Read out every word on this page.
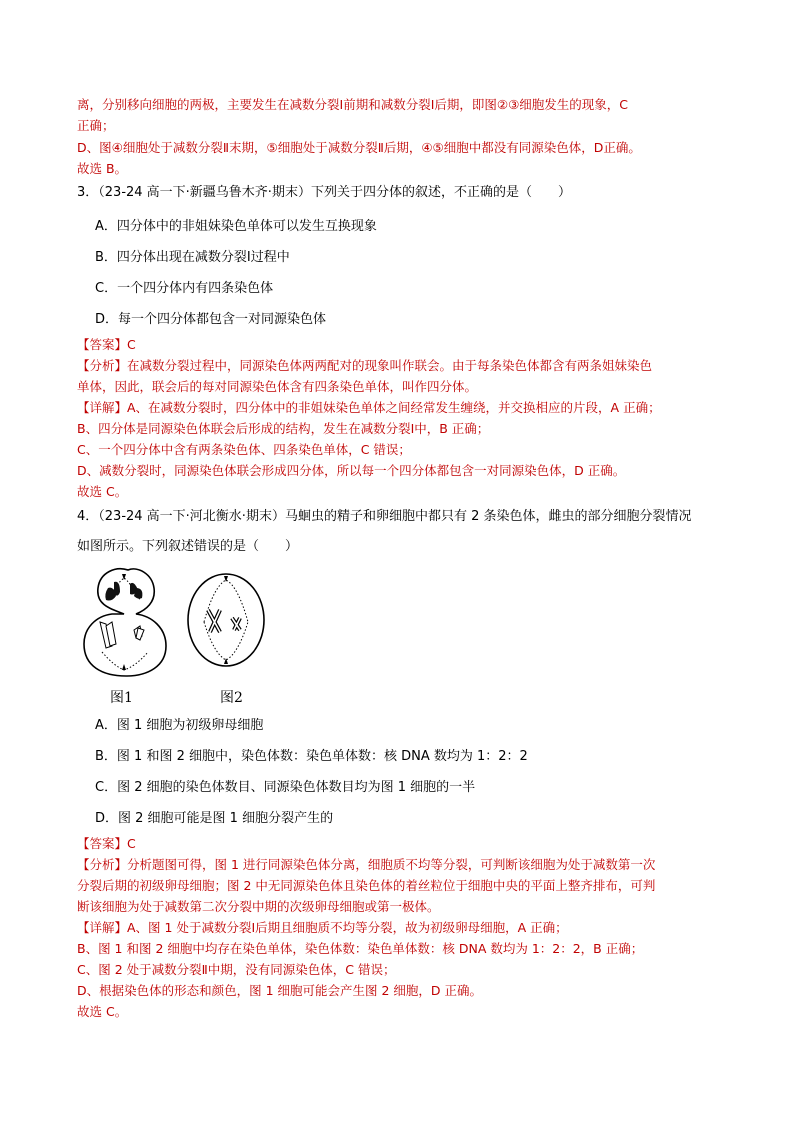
离，分别移向细胞的两极，主要发生在减数分裂Ⅰ前期和减数分裂Ⅰ后期，即图②③细胞发生的现象，C
正确；
D、图④细胞处于减数分裂Ⅱ末期，⑤细胞处于减数分裂Ⅱ后期，④⑤细胞中都没有同源染色体，D正确。
故选 B。
3．（23-24 高一下·新疆乌鲁木齐·期末）下列关于四分体的叙述，不正确的是（　　）
A．四分体中的非姐妹染色单体可以发生互换现象
B．四分体出现在减数分裂Ⅰ过程中
C．一个四分体内有四条染色体
D．每一个四分体都包含一对同源染色体
【答案】C
【分析】在减数分裂过程中，同源染色体两两配对的现象叫作联会。由于每条染色体都含有两条姐妹染色
单体，因此，联会后的每对同源染色体含有四条染色单体，叫作四分体。
【详解】A、在减数分裂时，四分体中的非姐妹染色单体之间经常发生缠绕，并交换相应的片段，A 正确；
B、四分体是同源染色体联会后形成的结构，发生在减数分裂Ⅰ中，B 正确；
C、一个四分体中含有两条染色体、四条染色单体，C 错误；
D、减数分裂时，同源染色体联会形成四分体，所以每一个四分体都包含一对同源染色体，D 正确。
故选 C。
4．（23-24 高一下·河北衡水·期末）马蛔虫的精子和卵细胞中都只有 2 条染色体，雌虫的部分细胞分裂情况
如图所示。下列叙述错误的是（　　）
图1	图2
A．图 1 细胞为初级卵母细胞
B．图 1 和图 2 细胞中，染色体数：染色单体数：核 DNA 数均为 1：2：2
C．图 2 细胞的染色体数目、同源染色体数目均为图 1 细胞的一半
D．图 2 细胞可能是图 1 细胞分裂产生的
【答案】C
【分析】分析题图可得，图 1 进行同源染色体分离，细胞质不均等分裂，可判断该细胞为处于减数第一次
分裂后期的初级卵母细胞；图 2 中无同源染色体且染色体的着丝粒位于细胞中央的平面上整齐排布，可判
断该细胞为处于减数第二次分裂中期的次级卵母细胞或第一极体。
【详解】A、图 1 处于减数分裂Ⅰ后期且细胞质不均等分裂，故为初级卵母细胞，A 正确；
B、图 1 和图 2 细胞中均存在染色单体，染色体数：染色单体数：核 DNA 数均为 1：2：2，B 正确；
C、图 2 处于减数分裂Ⅱ中期，没有同源染色体，C 错误；
D、根据染色体的形态和颜色，图 1 细胞可能会产生图 2 细胞，D 正确。
故选 C。
